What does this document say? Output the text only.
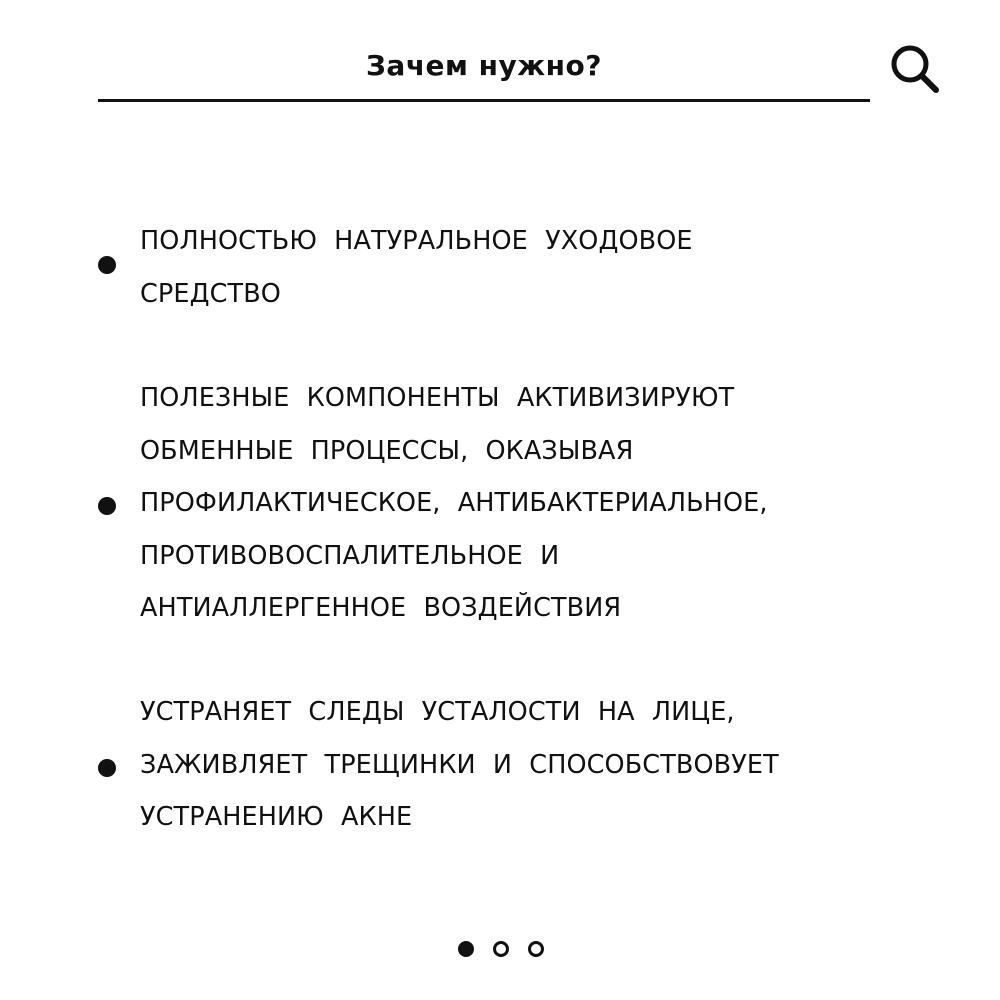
Зачем нужно?

ПОЛНОСТЬЮ НАТУРАЛЬНОЕ УХОДОВОЕ
СРЕДСТВО

ПОЛЕЗНЫЕ КОМПОНЕНТЫ АКТИВИЗИРУЮТ
ОБМЕННЫЕ ПРОЦЕССЫ, ОКАЗЫВАЯ
ПРОФИЛАКТИЧЕСКОЕ, АНТИБАКТЕРИАЛЬНОЕ,
ПРОТИВОВОСПАЛИТЕЛЬНОЕ И
АНТИАЛЛЕРГЕННОЕ ВОЗДЕЙСТВИЯ

УСТРАНЯЕТ СЛЕДЫ УСТАЛОСТИ НА ЛИЦЕ,
ЗАЖИВЛЯЕТ ТРЕЩИНКИ И СПОСОБСТВОВУЕТ
УСТРАНЕНИЮ АКНЕ
